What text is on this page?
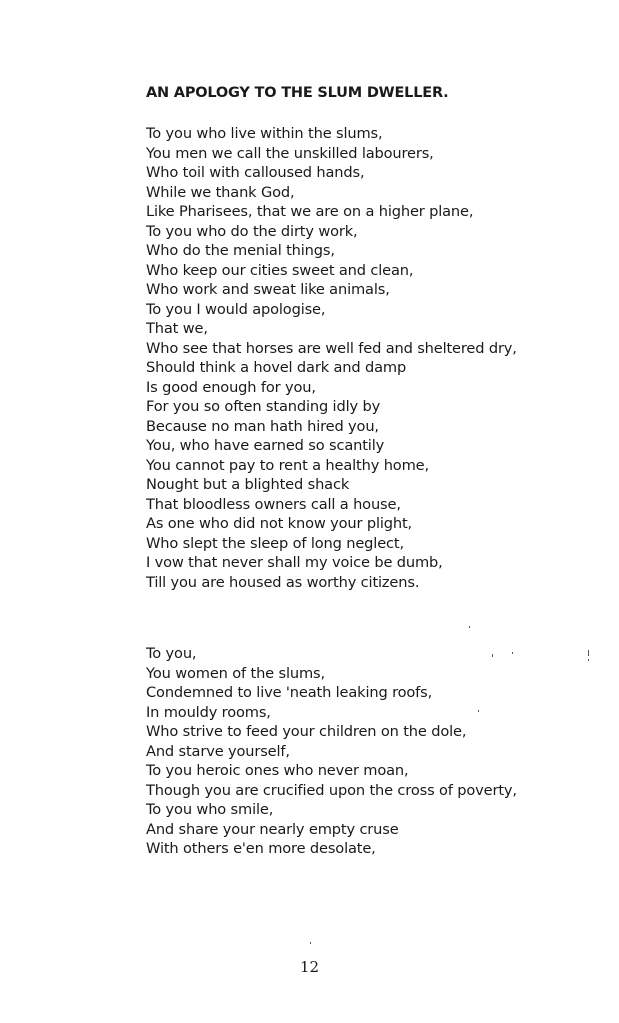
AN APOLOGY TO THE SLUM DWELLER.
To you who live within the slums,
You men we call the unskilled labourers,
Who toil with calloused hands,
While we thank God,
Like Pharisees, that we are on a higher plane,
To you who do the dirty work,
Who do the menial things,
Who keep our cities sweet and clean,
Who work and sweat like animals,
To you I would apologise,
That we,
Who see that horses are well fed and sheltered dry,
Should think a hovel dark and damp
Is good enough for you,
For you so often standing idly by
Because no man hath hired you,
You, who have earned so scantily
You cannot pay to rent a healthy home,
Nought but a blighted shack
That bloodless owners call a house,
As one who did not know your plight,
Who slept the sleep of long neglect,
I vow that never shall my voice be dumb,
Till you are housed as worthy citizens.
To you,
You women of the slums,
Condemned to live 'neath leaking roofs,
In mouldy rooms,
Who strive to feed your children on the dole,
And starve yourself,
To you heroic ones who never moan,
Though you are crucified upon the cross of poverty,
To you who smile,
And share your nearly empty cruse
With others e'en more desolate,
12
